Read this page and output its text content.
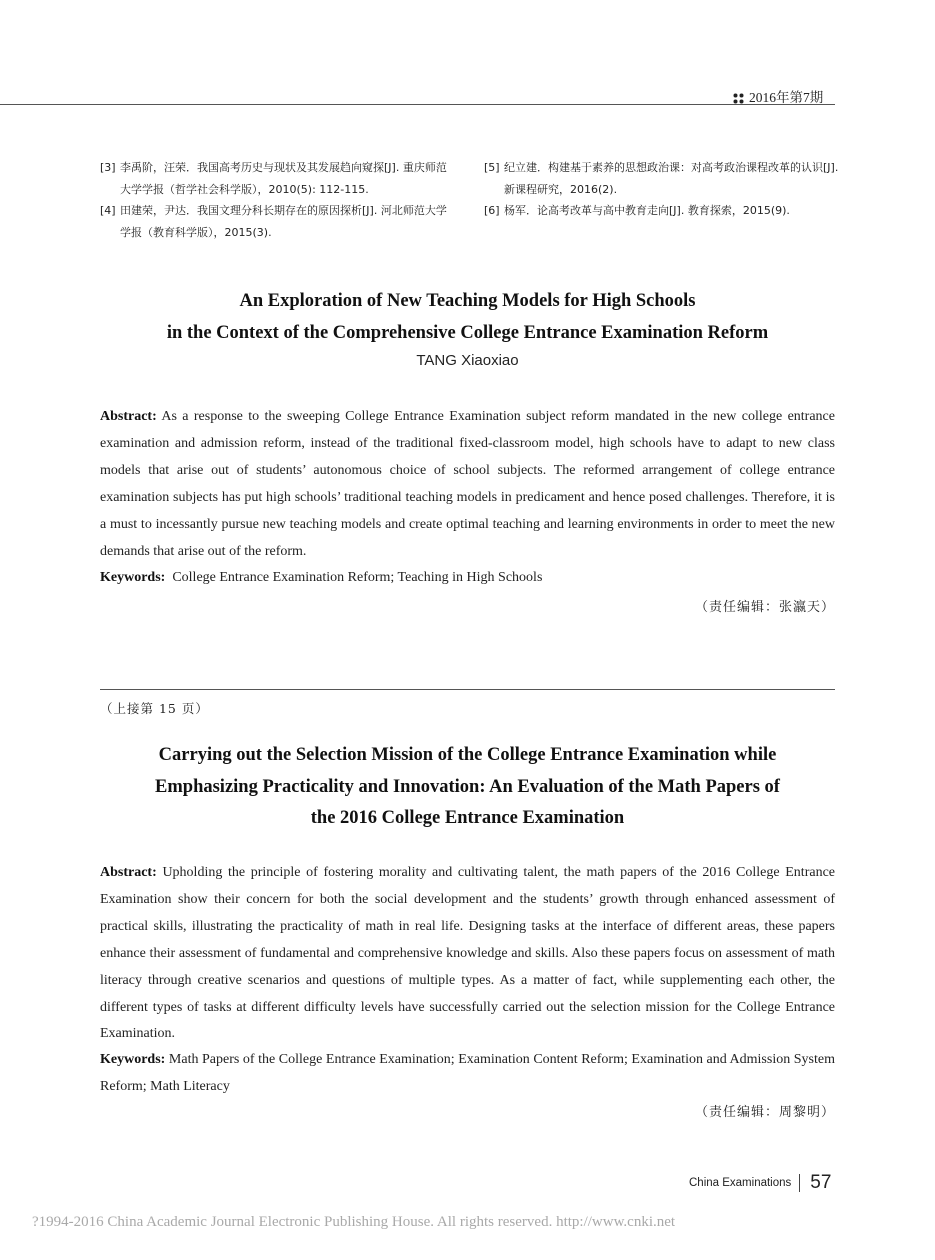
2016年第7期
[3] 李禹阶，汪荣．我国高考历史与现状及其发展趋向窥探[J]. 重庆师范大学学报（哲学社会科学版），2010(5): 112-115.
[4] 田建荣，尹达．我国文理分科长期存在的原因探析[J]. 河北师范大学学报（教育科学版），2015(3).
[5] 纪立建．构建基于素养的思想政治课：对高考政治课程改革的认识[J]. 新课程研究，2016(2).
[6] 杨军．论高考改革与高中教育走向[J]. 教育探索，2015(9).
An Exploration of New Teaching Models for High Schools
in the Context of the Comprehensive College Entrance Examination Reform
TANG Xiaoxiao

Abstract: As a response to the sweeping College Entrance Examination subject reform mandated in the new college entrance examination and admission reform, instead of the traditional fixed-classroom model, high schools have to adapt to new class models that arise out of students’ autonomous choice of school subjects. The reformed arrangement of college entrance examination subjects has put high schools’ traditional teaching models in predicament and hence posed challenges. Therefore, it is a must to incessantly pursue new teaching models and create optimal teaching and learning environments in order to meet the new demands that arise out of the reform.

Keywords: College Entrance Examination Reform; Teaching in High Schools

（责任编辑：张瀛天）
（上接第 15 页）
Carrying out the Selection Mission of the College Entrance Examination while
Emphasizing Practicality and Innovation: An Evaluation of the Math Papers of
the 2016 College Entrance Examination

Abstract: Upholding the principle of fostering morality and cultivating talent, the math papers of the 2016 College Entrance Examination show their concern for both the social development and the students’ growth through enhanced assessment of practical skills, illustrating the practicality of math in real life. Designing tasks at the interface of different areas, these papers enhance their assessment of fundamental and comprehensive knowledge and skills. Also these papers focus on assessment of math literacy through creative scenarios and questions of multiple types. As a matter of fact, while supplementing each other, the different types of tasks at different difficulty levels have successfully carried out the selection mission for the College Entrance Examination.

Keywords: Math Papers of the College Entrance Examination; Examination Content Reform; Examination and Admission System Reform; Math Literacy

（责任编辑：周黎明）
China Examinations 57
?1994-2016 China Academic Journal Electronic Publishing House. All rights reserved. http://www.cnki.net
